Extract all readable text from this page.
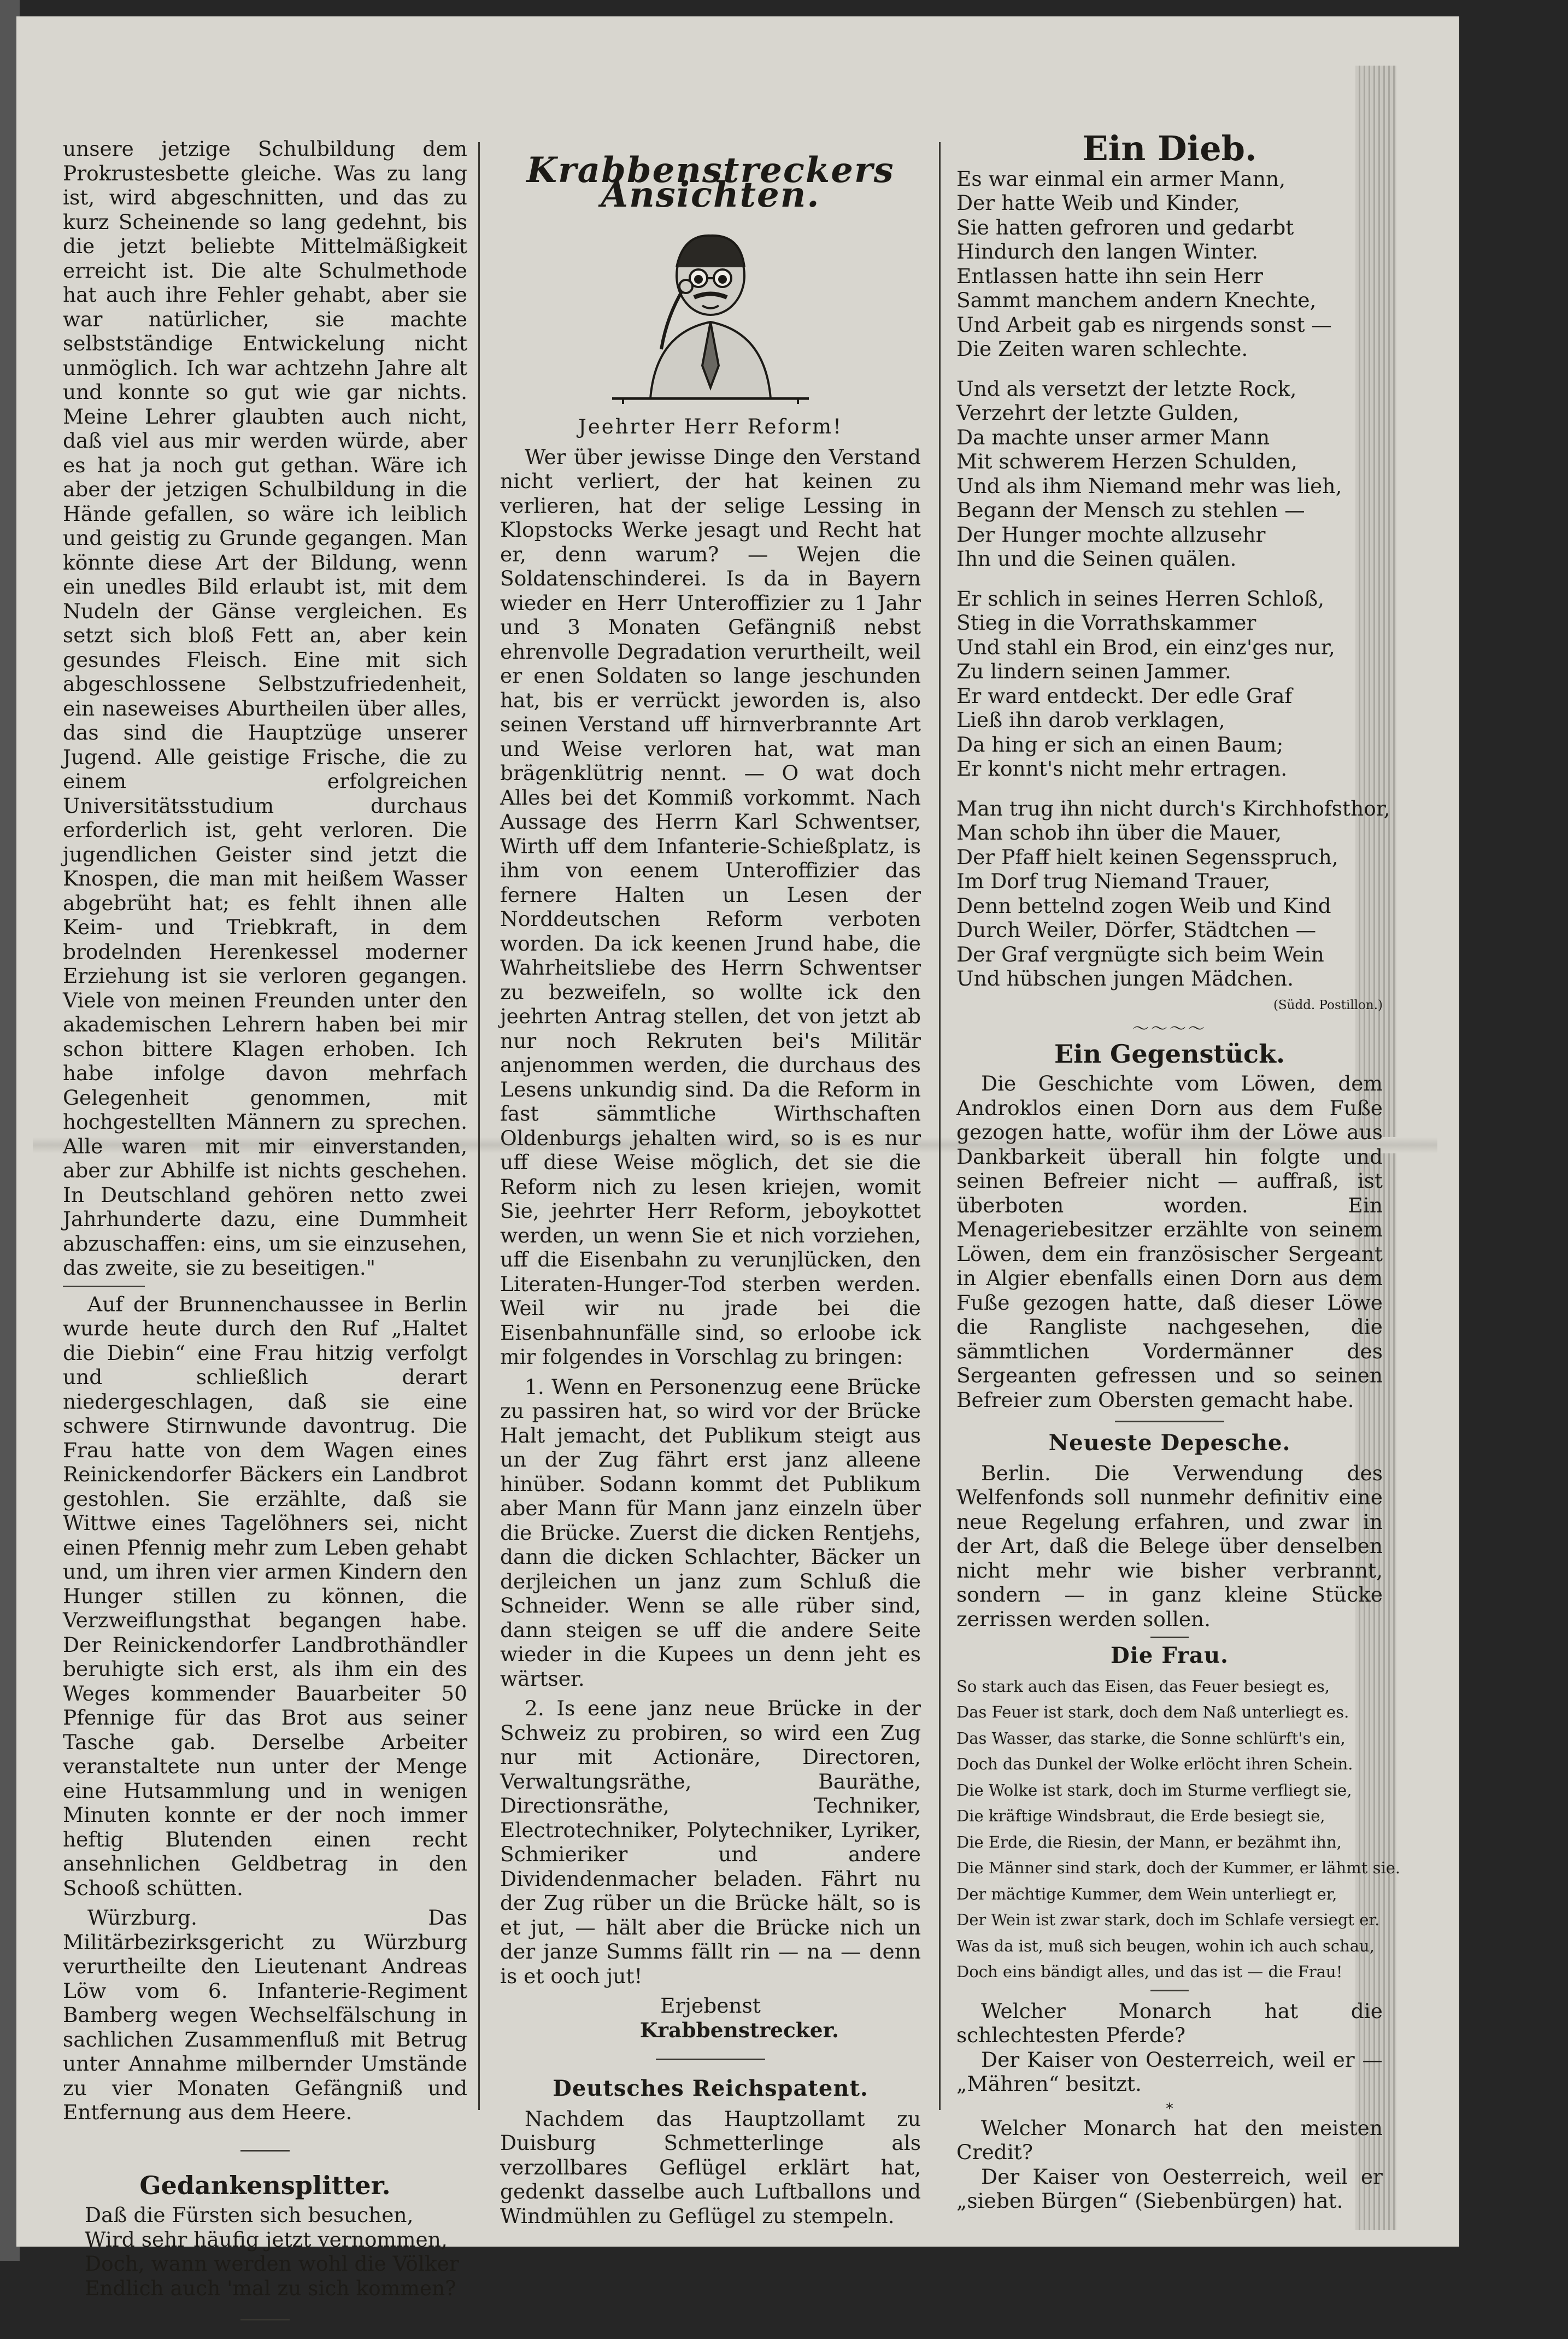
unsere jetzige Schulbildung dem Prokrustesbette gleiche. Was zu lang ist, wird abgeschnitten, und das zu kurz Scheinende so lang gedehnt, bis die jetzt beliebte Mittelmäßigkeit erreicht ist. Die alte Schulmethode hat auch ihre Fehler gehabt, aber sie war natürlicher, sie machte selbstständige Entwickelung nicht unmöglich. Ich war achtzehn Jahre alt und konnte so gut wie gar nichts. Meine Lehrer glaubten auch nicht, daß viel aus mir werden würde, aber es hat ja noch gut gethan. Wäre ich aber der jetzigen Schulbildung in die Hände gefallen, so wäre ich leiblich und geistig zu Grunde gegangen. Man könnte diese Art der Bildung, wenn ein unedles Bild erlaubt ist, mit dem Nudeln der Gänse vergleichen. Es setzt sich bloß Fett an, aber kein gesundes Fleisch. Eine mit sich abgeschlossene Selbstzufriedenheit, ein naseweises Aburtheilen über alles, das sind die Hauptzüge unserer Jugend. Alle geistige Frische, die zu einem erfolgreichen Universitätsstudium durchaus erforderlich ist, geht verloren. Die jugendlichen Geister sind jetzt die Knospen, die man mit heißem Wasser abgebrüht hat; es fehlt ihnen alle Keim- und Triebkraft, in dem brodelnden Herenkessel moderner Erziehung ist sie verloren gegangen. Viele von meinen Freunden unter den akademischen Lehrern haben bei mir schon bittere Klagen erhoben. Ich habe infolge davon mehrfach Gelegenheit genommen, mit hochgestellten Männern zu sprechen. Alle waren mit mir einverstanden, aber zur Abhilfe ist nichts geschehen. In Deutschland gehören netto zwei Jahrhunderte dazu, eine Dummheit abzuschaffen: eins, um sie einzusehen, das zweite, sie zu beseitigen."

Auf der Brunnenchaussee in Berlin wurde heute durch den Ruf „Haltet die Diebin“ eine Frau hitzig verfolgt und schließlich derart niedergeschlagen, daß sie eine schwere Stirnwunde davontrug. Die Frau hatte von dem Wagen eines Reinickendorfer Bäckers ein Landbrot gestohlen. Sie erzählte, daß sie Wittwe eines Tagelöhners sei, nicht einen Pfennig mehr zum Leben gehabt und, um ihren vier armen Kindern den Hunger stillen zu können, die Verzweiflungsthat begangen habe. Der Reinickendorfer Landbrothändler beruhigte sich erst, als ihm ein des Weges kommender Bauarbeiter 50 Pfennige für das Brot aus seiner Tasche gab. Derselbe Arbeiter veranstaltete nun unter der Menge eine Hutsammlung und in wenigen Minuten konnte er der noch immer heftig Blutenden einen recht ansehnlichen Geldbetrag in den Schooß schütten.

Würzburg. Das Militärbezirksgericht zu Würzburg verurtheilte den Lieutenant Andreas Löw vom 6. Infanterie-Regiment Bamberg wegen Wechselfälschung in sachlichen Zusammenfluß mit Betrug unter Annahme milbernder Umstände zu vier Monaten Gefängniß und Entfernung aus dem Heere.

Gedankensplitter.
Daß die Fürsten sich besuchen,
Wird sehr häufig jetzt vernommen,
Doch, wann werden wohl die Völker
Endlich auch 'mal zu sich kommen?
Krabbenstreckers Ansichten.
Jeehrter Herr Reform!

Wer über jewisse Dinge den Verstand nicht verliert, der hat keinen zu verlieren, hat der selige Lessing in Klopstocks Werke jesagt und Recht hat er, denn warum? — Wejen die Soldatenschinderei. Is da in Bayern wieder en Herr Unteroffizier zu 1 Jahr und 3 Monaten Gefängniß nebst ehrenvolle Degradation verurtheilt, weil er enen Soldaten so lange jeschunden hat, bis er verrückt jeworden is, also seinen Verstand uff hirnverbrannte Art und Weise verloren hat, wat man brägenklütrig nennt. — O wat doch Alles bei det Kommiß vorkommt. Nach Aussage des Herrn Karl Schwentser, Wirth uff dem Infanterie-Schießplatz, is ihm von eenem Unteroffizier das fernere Halten un Lesen der Norddeutschen Reform verboten worden. Da ick keenen Jrund habe, die Wahrheitsliebe des Herrn Schwentser zu bezweifeln, so wollte ick den jeehrten Antrag stellen, det von jetzt ab nur noch Rekruten bei's Militär anjenommen werden, die durchaus des Lesens unkundig sind. Da die Reform in fast sämmtliche Wirthschaften Oldenburgs jehalten wird, so is es nur uff diese Weise möglich, det sie die Reform nich zu lesen kriejen, womit Sie, jeehrter Herr Reform, jeboykottet werden, un wenn Sie et nich vorziehen, uff die Eisenbahn zu verunjlücken, den Literaten-Hunger-Tod sterben werden. Weil wir nu jrade bei die Eisenbahnunfälle sind, so erloobe ick mir folgendes in Vorschlag zu bringen:

1. Wenn en Personenzug eene Brücke zu passiren hat, so wird vor der Brücke Halt jemacht, det Publikum steigt aus un der Zug fährt erst janz alleene hinüber. Sodann kommt det Publikum aber Mann für Mann janz einzeln über die Brücke. Zuerst die dicken Rentjehs, dann die dicken Schlachter, Bäcker un derjleichen un janz zum Schluß die Schneider. Wenn se alle rüber sind, dann steigen se uff die andere Seite wieder in die Kupees un denn jeht es wärtser.

2. Is eene janz neue Brücke in der Schweiz zu probiren, so wird een Zug nur mit Actionäre, Directoren, Verwaltungsräthe, Bauräthe, Directionsräthe, Techniker, Electrotechniker, Polytechniker, Lyriker, Schmieriker und andere Dividendenmacher beladen. Fährt nu der Zug rüber un die Brücke hält, so is et jut, — hält aber die Brücke nich un der janze Summs fällt rin — na — denn is et ooch jut!

Erjebenst
Krabbenstrecker.
Deutsches Reichspatent.

Nachdem das Hauptzollamt zu Duisburg Schmetterlinge als verzollbares Geflügel erklärt hat, gedenkt dasselbe auch Luftballons und Windmühlen zu Geflügel zu stempeln.

Ein Dieb.
Es war einmal ein armer Mann,
Der hatte Weib und Kinder,
Sie hatten gefroren und gedarbt
Hindurch den langen Winter.
Entlassen hatte ihn sein Herr
Sammt manchem andern Knechte,
Und Arbeit gab es nirgends sonst —
Die Zeiten waren schlechte.
Und als versetzt der letzte Rock,
Verzehrt der letzte Gulden,
Da machte unser armer Mann
Mit schwerem Herzen Schulden,
Und als ihm Niemand mehr was lieh,
Begann der Mensch zu stehlen —
Der Hunger mochte allzusehr
Ihn und die Seinen quälen.
Er schlich in seines Herren Schloß,
Stieg in die Vorrathskammer
Und stahl ein Brod, ein einz'ges nur,
Zu lindern seinen Jammer.
Er ward entdeckt. Der edle Graf
Ließ ihn darob verklagen,
Da hing er sich an einen Baum;
Er konnt's nicht mehr ertragen.
Man trug ihn nicht durch's Kirchhofsthor,
Man schob ihn über die Mauer,
Der Pfaff hielt keinen Segensspruch,
Im Dorf trug Niemand Trauer,
Denn bettelnd zogen Weib und Kind
Durch Weiler, Dörfer, Städtchen —
Der Graf vergnügte sich beim Wein
Und hübschen jungen Mädchen.
(Südd. Postillon.)
〜〜〜〜
Ein Gegenstück.

Die Geschichte vom Löwen, dem Androklos einen Dorn aus dem Fuße gezogen hatte, wofür ihm der Löwe aus Dankbarkeit überall hin folgte und seinen Befreier nicht — auffraß, ist überboten worden. Ein Menageriebesitzer erzählte von seinem Löwen, dem ein französischer Sergeant in Algier ebenfalls einen Dorn aus dem Fuße gezogen hatte, daß dieser Löwe die Rangliste nachgesehen, die sämmtlichen Vordermänner des Sergeanten gefressen und so seinen Befreier zum Obersten gemacht habe.

Neueste Depesche.

Berlin. Die Verwendung des Welfenfonds soll nunmehr definitiv eine neue Regelung erfahren, und zwar in der Art, daß die Belege über denselben nicht mehr wie bisher verbrannt, sondern — in ganz kleine Stücke zerrissen werden sollen.

Die Frau.
So stark auch das Eisen, das Feuer besiegt es,
Das Feuer ist stark, doch dem Naß unterliegt es.
Das Wasser, das starke, die Sonne schlürft's ein,
Doch das Dunkel der Wolke erlöcht ihren Schein.
Die Wolke ist stark, doch im Sturme verfliegt sie,
Die kräftige Windsbraut, die Erde besiegt sie,
Die Erde, die Riesin, der Mann, er bezähmt ihn,
Die Männer sind stark, doch der Kummer, er lähmt sie.
Der mächtige Kummer, dem Wein unterliegt er,
Der Wein ist zwar stark, doch im Schlafe versiegt er.
Was da ist, muß sich beugen, wohin ich auch schau,
Doch eins bändigt alles, und das ist — die Frau!

Welcher Monarch hat die schlechtesten Pferde?

Der Kaiser von Oesterreich, weil er — „Mähren“ besitzt.

*

Welcher Monarch hat den meisten Credit?

Der Kaiser von Oesterreich, weil er „sieben Bürgen“ (Siebenbürgen) hat.
